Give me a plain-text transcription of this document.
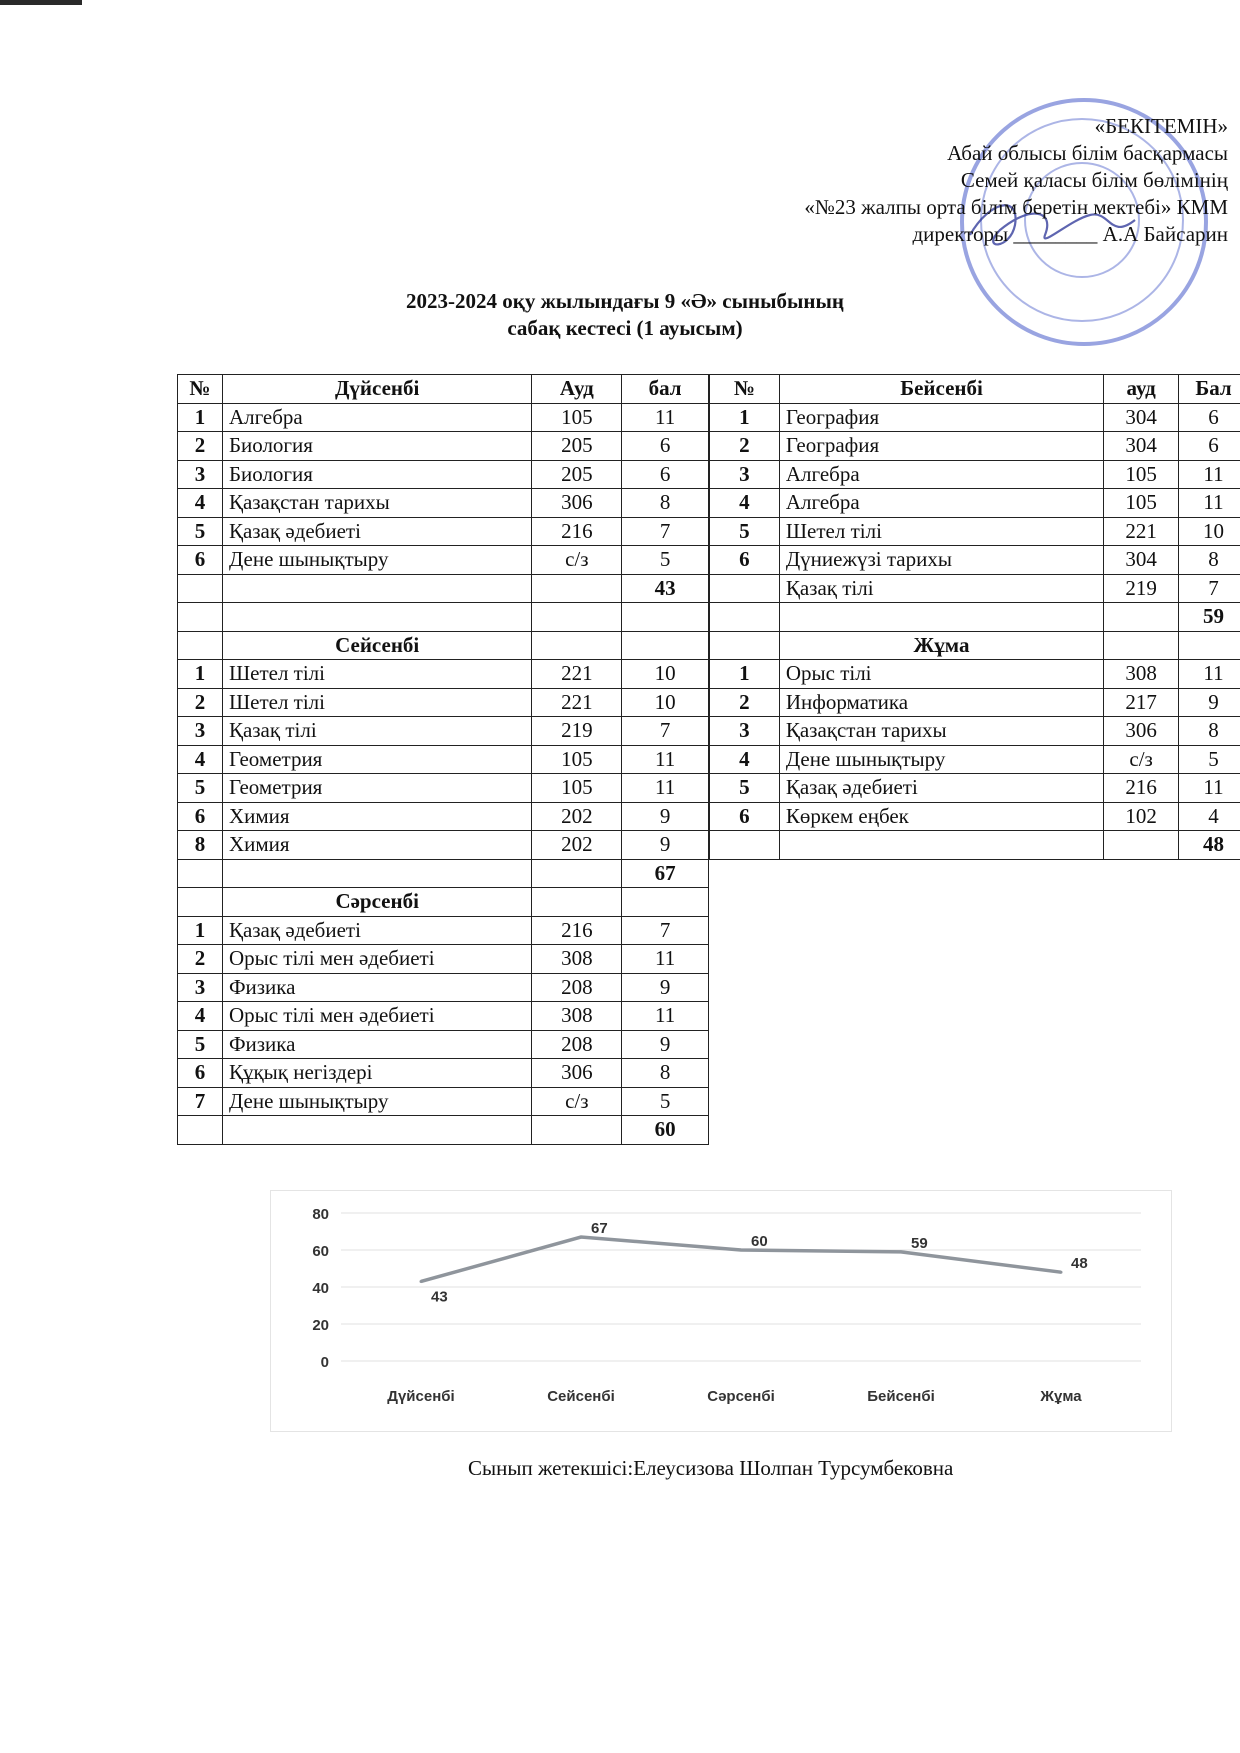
«БЕКІТЕМІН»
Абай облысы білім басқармасы
Семей қаласы білім бөлімінің
«№23 жалпы орта білім беретін мектебі» КММ
директоры ________ А.А Байсарин
2023-2024 оқу жылындағы 9 «Ә» сыныбының
сабақ кестесі (1 ауысым)
№	Дүйсенбі	Ауд	бал
1	Алгебра	105	11
2	Биология	205	6
3	Биология	205	6
4	Қазақстан тарихы	306	8
5	Қазақ әдебиеті	216	7
6	Дене шынықтыру	с/з	5
			43

	Сейсенбі		
1	Шетел тілі	221	10
2	Шетел тілі	221	10
3	Қазақ тілі	219	7
4	Геометрия	105	11
5	Геометрия	105	11
6	Химия	202	9
8	Химия	202	9
			67
	Сәрсенбі		
1	Қазақ әдебиеті	216	7
2	Орыс тілі мен әдебиеті	308	11
3	Физика	208	9
4	Орыс тілі мен әдебиеті	308	11
5	Физика	208	9
6	Құқық негіздері	306	8
7	Дене шынықтыру	с/з	5
			60
№	Бейсенбі	ауд	Бал
1	География	304	6
2	География	304	6
3	Алгебра	105	11
4	Алгебра	105	11
5	Шетел тілі	221	10
6	Дүниежүзі тарихы	304	8
	Қазақ тілі	219	7
			59
	Жұма		
1	Орыс тілі	308	11
2	Информатика	217	9
3	Қазақстан тарихы	306	8
4	Дене шынықтыру	с/з	5
5	Қазақ әдебиеті	216	11
6	Көркем еңбек	102	4
			48
0
20
40
60
80
43
67
60	59
48
Дүйсенбі	Сейсенбі	Сәрсенбі	Бейсенбі	Жұма
Сынып жетекшісі:Елеусизова Шолпан Турсумбековна
